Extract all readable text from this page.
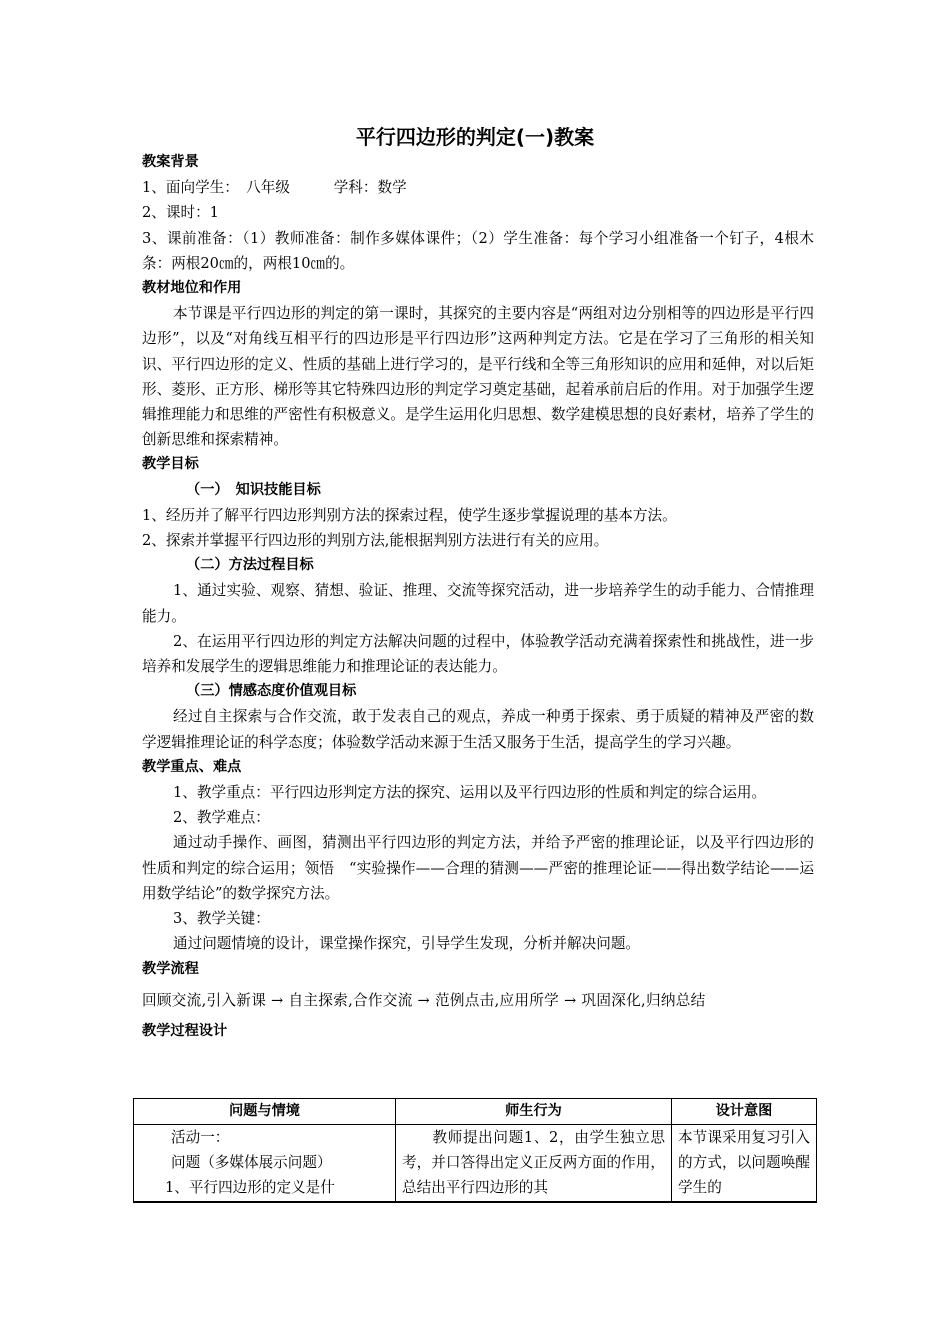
平行四边形的判定(一)教案

教案背景

1、面向学生：　八年级　　　学科：数学

2、课时：1

3、课前准备：（1）教师准备：制作多媒体课件；（2）学生准备：每个学习小组准备一个钉子，4根木条：两根20㎝的，两根10㎝的。

教材地位和作用

本节课是平行四边形的判定的第一课时，其探究的主要内容是“两组对边分别相等的四边形是平行四边形”，以及“对角线互相平行的四边形是平行四边形”这两种判定方法。它是在学习了三角形的相关知识、平行四边形的定义、性质的基础上进行学习的，是平行线和全等三角形知识的应用和延伸，对以后矩形、菱形、正方形、梯形等其它特殊四边形的判定学习奠定基础，起着承前启后的作用。对于加强学生逻辑推理能力和思维的严密性有积极意义。是学生运用化归思想、数学建模思想的良好素材，培养了学生的创新思维和探索精神。

教学目标

（一）　知识技能目标

1、经历并了解平行四边形判别方法的探索过程，使学生逐步掌握说理的基本方法。

2、探索并掌握平行四边形的判别方法,能根据判别方法进行有关的应用。

（二）方法过程目标

1、通过实验、观察、猜想、验证、推理、交流等探究活动，进一步培养学生的动手能力、合情推理能力。

2、在运用平行四边形的判定方法解决问题的过程中，体验教学活动充满着探索性和挑战性，进一步培养和发展学生的逻辑思维能力和推理论证的表达能力。

（三）情感态度价值观目标

经过自主探索与合作交流，敢于发表自己的观点，养成一种勇于探索、勇于质疑的精神及严密的数学逻辑推理论证的科学态度；体验数学活动来源于生活又服务于生活，提高学生的学习兴趣。

教学重点、难点

1、教学重点：平行四边形判定方法的探究、运用以及平行四边形的性质和判定的综合运用。

2、教学难点：

通过动手操作、画图，猜测出平行四边形的判定方法，并给予严密的推理论证，以及平行四边形的性质和判定的综合运用；领悟　“实验操作——合理的猜测——严密的推理论证——得出数学结论——运用数学结论”的数学探究方法。

3、教学关键：

通过问题情境的设计，课堂操作探究，引导学生发现，分析并解决问题。

教学流程

回顾交流,引入新课 → 自主探索,合作交流 → 范例点击,应用所学 → 巩固深化,归纳总结

教学过程设计

问题与情境	师生行为	设计意图

活动一：

问题（多媒体展示问题）

1、平行四边形的定义是什	　　教师提出问题1、2，由学生独立思考，并口答得出定义正反两方面的作用，总结出平行四边形的其	本节课采用复习引入的方式，以问题唤醒学生的
